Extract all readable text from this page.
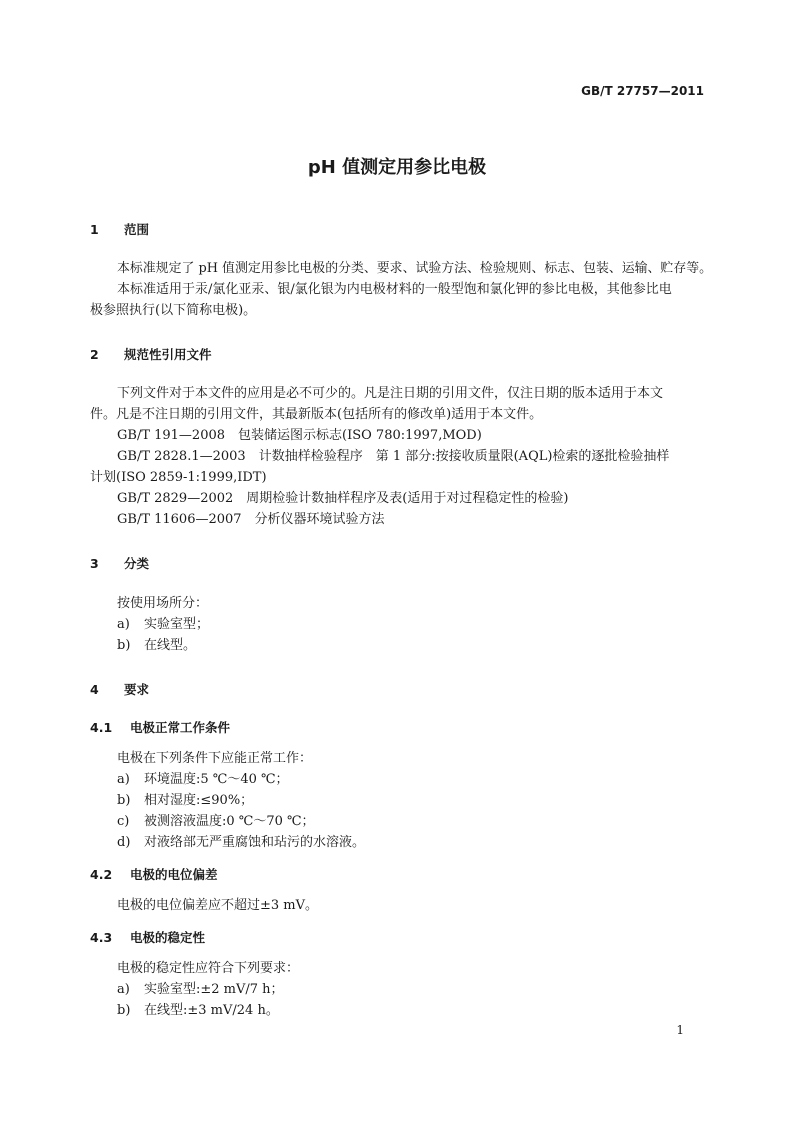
GB/T 27757—2011
pH 值测定用参比电极
1 范围
本标准规定了 pH 值测定用参比电极的分类、要求、试验方法、检验规则、标志、包装、运输、贮存等。
本标准适用于汞/氯化亚汞、银/氯化银为内电极材料的一般型饱和氯化钾的参比电极，其他参比电
极参照执行(以下简称电极)。
2 规范性引用文件
下列文件对于本文件的应用是必不可少的。凡是注日期的引用文件，仅注日期的版本适用于本文
件。凡是不注日期的引用文件，其最新版本(包括所有的修改单)适用于本文件。
GB/T 191—2008　包装储运图示标志(ISO 780:1997,MOD)
GB/T 2828.1—2003　计数抽样检验程序　第 1 部分:按接收质量限(AQL)检索的逐批检验抽样
计划(ISO 2859-1:1999,IDT)
GB/T 2829—2002　周期检验计数抽样程序及表(适用于对过程稳定性的检验)
GB/T 11606—2007　分析仪器环境试验方法
3 分类
按使用场所分：
a) 实验室型；
b) 在线型。
4 要求
4.1 电极正常工作条件
电极在下列条件下应能正常工作：
a) 环境温度:5 ℃～40 ℃；
b) 相对湿度:≤90%；
c) 被测溶液温度:0 ℃～70 ℃；
d) 对液络部无严重腐蚀和玷污的水溶液。
4.2 电极的电位偏差
电极的电位偏差应不超过±3 mV。
4.3 电极的稳定性
电极的稳定性应符合下列要求：
a) 实验室型:±2 mV/7 h；
b) 在线型:±3 mV/24 h。
1
